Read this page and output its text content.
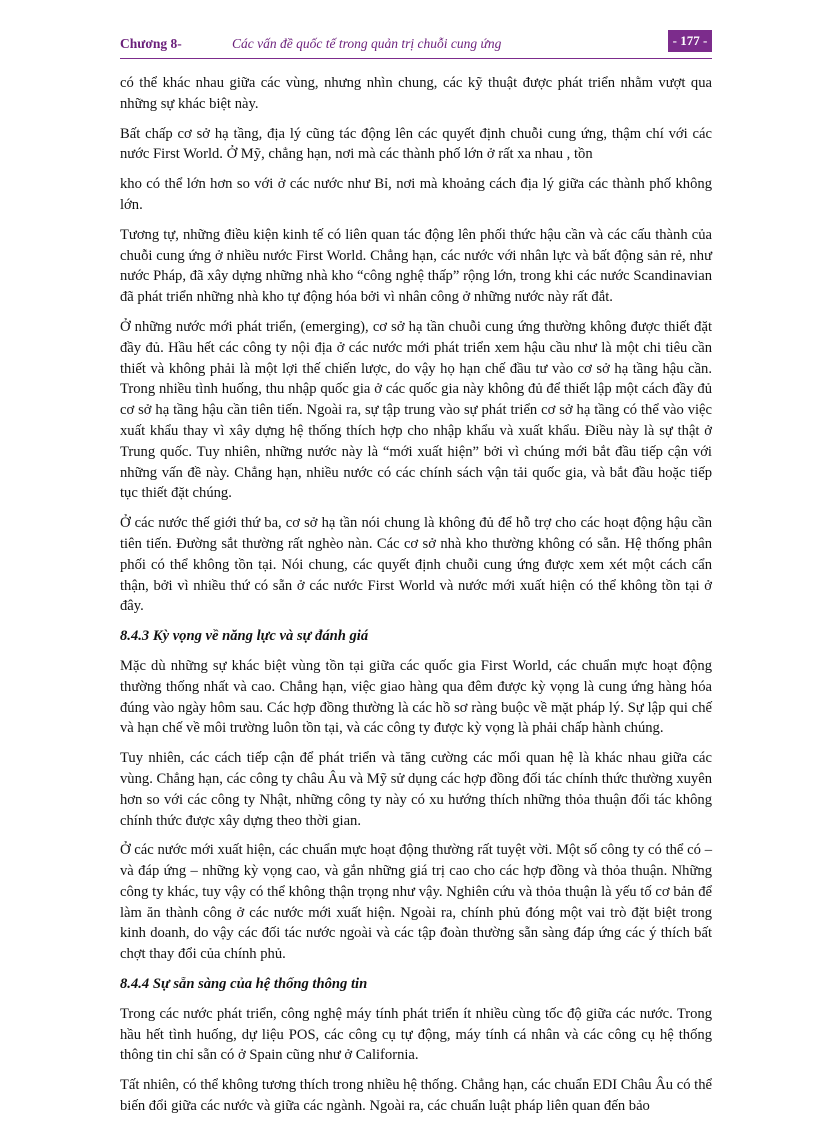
Chương 8-	Các vấn đề quốc tế trong quản trị chuỗi cung ứng	- 177 -

có thể khác nhau giữa các vùng, nhưng nhìn chung, các kỹ thuật được phát triển nhằm vượt qua những sự khác biệt này.

Bất chấp cơ sở hạ tầng, địa lý cũng tác động lên các quyết định chuỗi cung ứng, thậm chí với các nước First World. Ở Mỹ, chẳng hạn, nơi mà các thành phố lớn ở rất xa nhau , tồn

kho có thể lớn hơn so với ở các nước như Bỉ, nơi mà khoảng cách địa lý giữa các thành phố không lớn.

Tương tự, những điều kiện kinh tế có liên quan tác động lên phối thức hậu cần và các cấu thành của chuỗi cung ứng ở nhiều nước First World. Chẳng hạn, các nước với nhân lực và bất động sản rẻ, như nước Pháp, đã xây dựng những nhà kho “công nghệ thấp” rộng lớn, trong khi các nước Scandinavian đã phát triển những nhà kho tự động hóa bởi vì nhân công ở những nước này rất đắt.

Ở những nước mới phát triển, (emerging), cơ sở hạ tần chuỗi cung ứng thường không được thiết đặt đầy đủ. Hầu hết các công ty nội địa ở các nước mới phát triển xem hậu cầu như là một chi tiêu cần thiết và không phải là một lợi thế chiến lược, do vậy họ hạn chế đầu tư vào cơ sở hạ tầng hậu cần. Trong nhiều tình huống, thu nhập quốc gia ở các quốc gia này không đủ để thiết lập một cách đầy đủ cơ sở hạ tầng hậu cần tiên tiến. Ngoài ra, sự tập trung vào sự phát triển cơ sở hạ tầng có thể vào việc xuất khẩu thay vì xây dựng hệ thống thích hợp cho nhập khẩu và xuất khẩu. Điều này là sự thật ở Trung quốc. Tuy nhiên, những nước này là “mới xuất hiện” bởi vì chúng mới bắt đầu tiếp cận với những vấn đề này. Chẳng hạn, nhiều nước có các chính sách vận tải quốc gia, và bắt đầu hoặc tiếp tục thiết đặt chúng.

Ở các nước thế giới thứ ba, cơ sở hạ tần nói chung là không đủ để hỗ trợ cho các hoạt động hậu cần tiên tiến. Đường sắt thường rất nghèo nàn. Các cơ sở nhà kho thường không có sẵn. Hệ thống phân phối có thể không tồn tại. Nói chung, các quyết định chuỗi cung ứng được xem xét một cách cẩn thận, bởi vì nhiều thứ có sẵn ở các nước First World và nước mới xuất hiện có thể không tồn tại ở đây.

8.4.3 Kỳ vọng về năng lực và sự đánh giá

Mặc dù những sự khác biệt vùng tồn tại giữa các quốc gia First World, các chuẩn mực hoạt động thường thống nhất và cao. Chẳng hạn, việc giao hàng qua đêm được kỳ vọng là cung ứng hàng hóa đúng vào ngày hôm sau. Các hợp đồng thường là các hồ sơ ràng buộc về mặt pháp lý. Sự lập qui chế và hạn chế về môi trường luôn tồn tại, và các công ty được kỳ vọng là phải chấp hành chúng.

Tuy nhiên, các cách tiếp cận để phát triển và tăng cường các mối quan hệ là khác nhau giữa các vùng. Chẳng hạn, các công ty châu Âu và Mỹ sử dụng các hợp đồng đối tác chính thức thường xuyên hơn so với các công ty Nhật, những công ty này có xu hướng thích những thỏa thuận đối tác không chính thức được xây dựng theo thời gian.

Ở các nước mới xuất hiện, các chuẩn mực hoạt động thường rất tuyệt vời. Một số công ty có thể có – và đáp ứng – những kỳ vọng cao, và gắn những giá trị cao cho các hợp đồng và thỏa thuận. Những công ty khác, tuy vậy có thể không thận trọng như vậy. Nghiên cứu và thỏa thuận là yếu tố cơ bản để làm ăn thành công ở các nước mới xuất hiện. Ngoài ra, chính phủ đóng một vai trò đặt biệt trong kinh doanh, do vậy các đối tác nước ngoài và các tập đoàn thường sẵn sàng đáp ứng các ý thích bất chợt thay đổi của chính phủ.

8.4.4 Sự sẵn sàng của hệ thống thông tin

Trong các nước phát triển, công nghệ máy tính phát triển ít nhiều cùng tốc độ giữa các nước. Trong hầu hết tình huống, dự liệu POS, các công cụ tự động, máy tính cá nhân và các công cụ hệ thống thông tin chỉ sẵn có ở Spain cũng như ở California.

Tất nhiên, có thể không tương thích trong nhiều hệ thống. Chẳng hạn, các chuẩn EDI Châu Âu có thể biến đổi giữa các nước và giữa các ngành. Ngoài ra, các chuẩn luật pháp liên quan đến bảo
